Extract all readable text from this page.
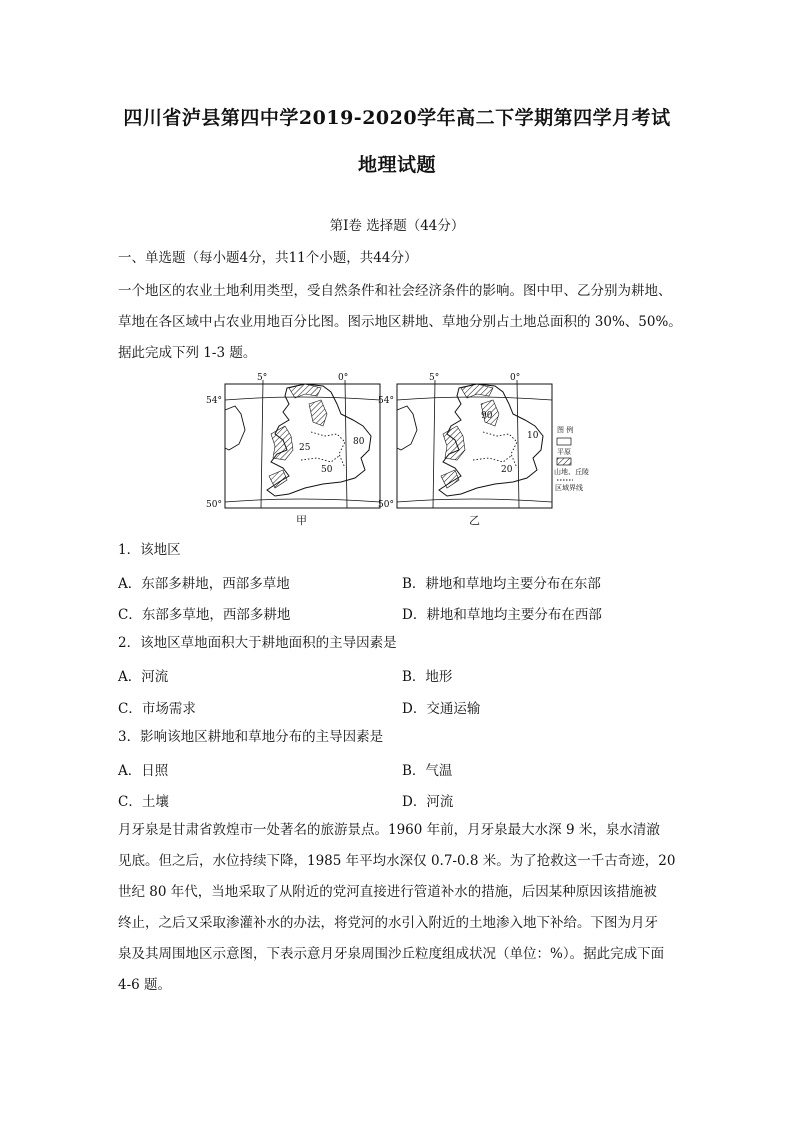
四川省泸县第四中学2019-2020学年高二下学期第四学月考试
地理试题
第Ⅰ卷 选择题（44分）
一、单选题（每小题4分，共11个小题，共44分）
一个地区的农业土地利用类型，受自然条件和社会经济条件的影响。图中甲、乙分别为耕地、
草地在各区域中占农业用地百分比图。图示地区耕地、草地分别占土地总面积的 30%、50%。
据此完成下列 1-3 题。
80
25
50
5°	0°
54°
50°
甲
90
10
20
5°	0°
54°
50°
乙
图 例
平原
山地、丘陵
区域界线
1．该地区
A．东部多耕地，西部多草地	B．耕地和草地均主要分布在东部
C．东部多草地，西部多耕地	D．耕地和草地均主要分布在西部
2．该地区草地面积大于耕地面积的主导因素是
A．河流	B．地形
C．市场需求	D．交通运输
3．影响该地区耕地和草地分布的主导因素是
A．日照	B．气温
C．土壤	D．河流
月牙泉是甘肃省敦煌市一处著名的旅游景点。1960 年前，月牙泉最大水深 9 米，泉水清澈
见底。但之后，水位持续下降，1985 年平均水深仅 0.7-0.8 米。为了抢救这一千古奇迹，20
世纪 80 年代，当地采取了从附近的党河直接进行管道补水的措施，后因某种原因该措施被
终止，之后又采取渗灌补水的办法，将党河的水引入附近的土地渗入地下补给。下图为月牙
泉及其周围地区示意图，下表示意月牙泉周围沙丘粒度组成状况（单位：%）。据此完成下面
4-6 题。
